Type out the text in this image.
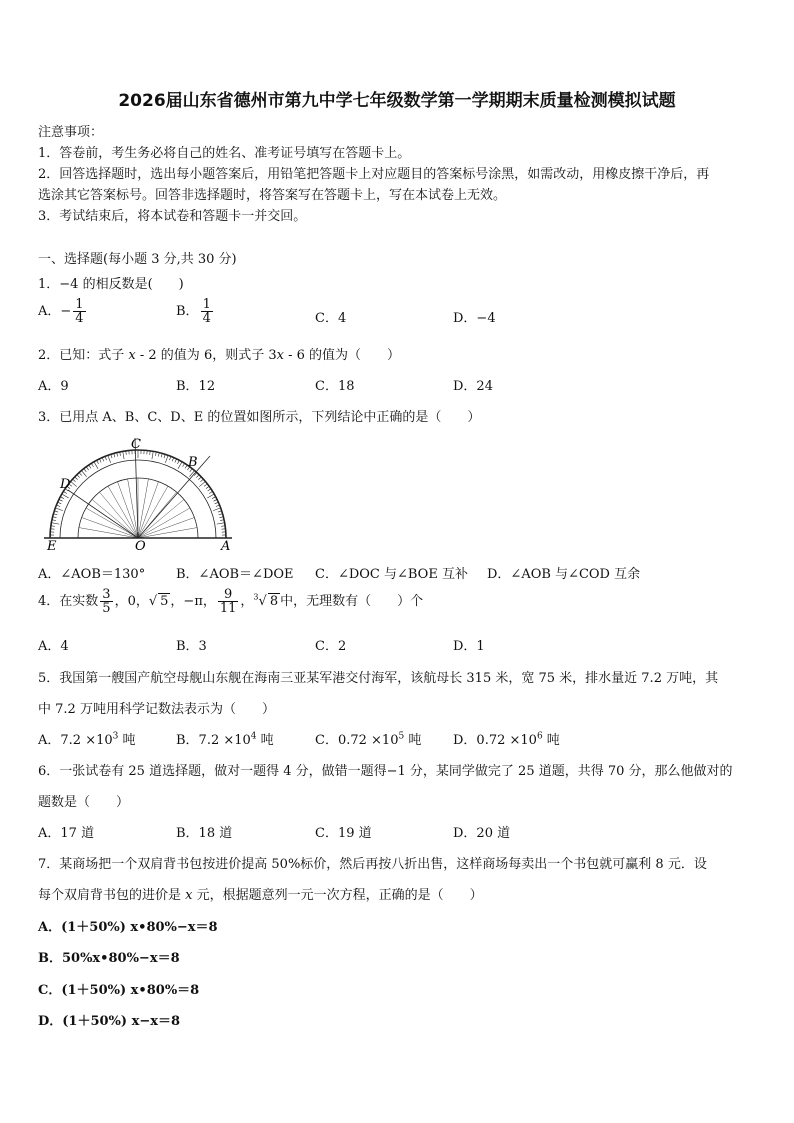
2026届山东省德州市第九中学七年级数学第一学期期末质量检测模拟试题
注意事项：
1．答卷前，考生务必将自己的姓名、准考证号填写在答题卡上。
2．回答选择题时，选出每小题答案后，用铅笔把答题卡上对应题目的答案标号涂黑，如需改动，用橡皮擦干净后，再
选涂其它答案标号。回答非选择题时，将答案写在答题卡上，写在本试卷上无效。
3．考试结束后，将本试卷和答题卡一并交回。
一、选择题(每小题 3 分,共 30 分)
1．−4 的相反数是(　　)
A．− $\frac{1}{4}$	B． $\frac{1}{4}$	C．4	D．−4
2．已知：式子 x - 2 的值为 6，则式子 3x - 6 的值为（　　）
A．9	B．12	C．18	D．24
3．已用点 A、B、C、D、E 的位置如图所示，下列结论中正确的是（　　）
C
B
D
E	O	A
A．∠AOB＝130° B．∠AOB＝∠DOE C．∠DOC 与∠BOE 互补 D．∠AOB 与∠COD 互余
4．在实数 $\frac{3}{5}$ ，0，√ 5 ，−π， $\frac{9}{11}$ ，$^3$√ 8 中，无理数有（　　）个
A．4	B．3	C．2	D．1
5．我国第一艘国产航空母舰山东舰在海南三亚某军港交付海军，该航母长 315 米，宽 75 米，排水量近 7.2 万吨，其
中 7.2 万吨用科学记数法表示为（　　）
A．$7.2 \times 10^3$ 吨	B．$7.2 \times 10^4$ 吨	C．$0.72 \times 10^5$ 吨 D．$0.72 \times 10^6$ 吨
6．一张试卷有 25 道选择题，做对一题得 4 分，做错一题得−1 分，某同学做完了 25 道题，共得 70 分，那么他做对的
题数是（　　）
A．17 道	B．18 道	C．19 道	D．20 道
7．某商场把一个双肩背书包按进价提高 50%标价，然后再按八折出售，这样商场每卖出一个书包就可赢利 8 元．设
每个双肩背书包的进价是 x 元，根据题意列一元一次方程，正确的是（　　）
A．(1＋50%) x•80%−x＝8
B．50%x•80%−x＝8
C．(1＋50%) x•80%＝8
D．(1＋50%) x−x＝8
